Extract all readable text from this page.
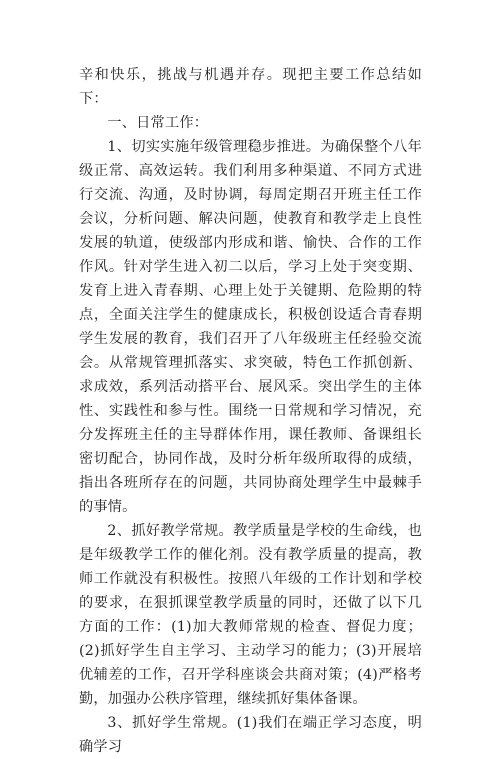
辛和快乐，挑战与机遇并存。现把主要工作总结如下：

一、日常工作：

1、切实实施年级管理稳步推进。为确保整个八年级正常、高效运转。我们利用多种渠道、不同方式进行交流、沟通，及时协调，每周定期召开班主任工作会议，分析问题、解决问题，使教育和教学走上良性发展的轨道，使级部内形成和谐、愉快、合作的工作作风。针对学生进入初二以后，学习上处于突变期、发育上进入青春期、心理上处于关键期、危险期的特点，全面关注学生的健康成长，积极创设适合青春期学生发展的教育，我们召开了八年级班主任经验交流会。从常规管理抓落实、求突破，特色工作抓创新、求成效，系列活动搭平台、展风采。突出学生的主体性、实践性和参与性。围绕一日常规和学习情况，充分发挥班主任的主导群体作用，课任教师、备课组长密切配合，协同作战，及时分析年级所取得的成绩，指出各班所存在的问题，共同协商处理学生中最棘手的事情。

2、抓好教学常规。教学质量是学校的生命线，也是年级教学工作的催化剂。没有教学质量的提高，教师工作就没有积极性。按照八年级的工作计划和学校的要求，在狠抓课堂教学质量的同时，还做了以下几方面的工作：(1)加大教师常规的检查、督促力度；(2)抓好学生自主学习、主动学习的能力；(3)开展培优辅差的工作，召开学科座谈会共商对策；(4)严格考勤，加强办公秩序管理，继续抓好集体备课。

3、抓好学生常规。(1)我们在端正学习态度，明确学习
